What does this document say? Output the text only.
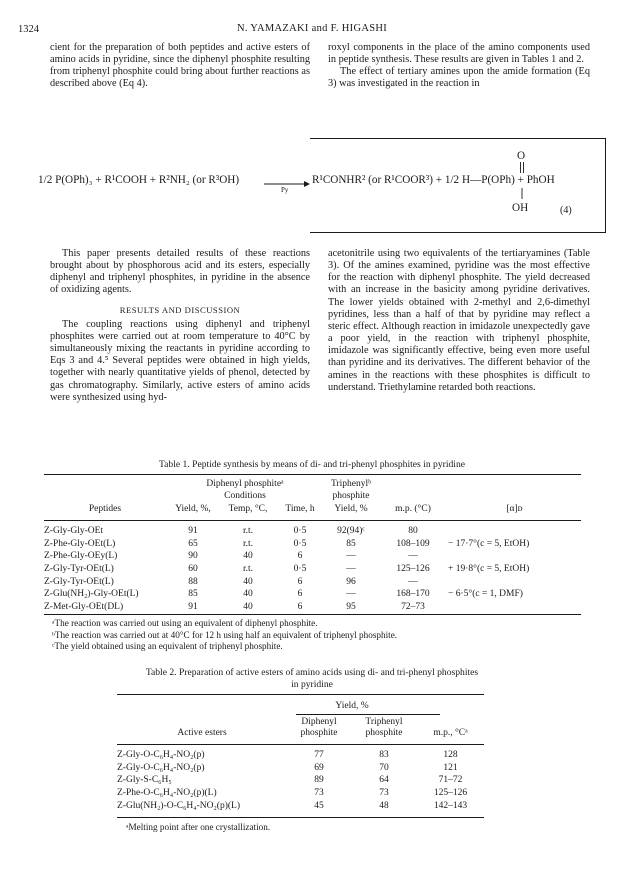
1324	N. YAMAZAKI and F. HIGASHI

cient for the preparation of both peptides and active esters of amino acids in pyridine, since the diphenyl phosphite resulting from triphenyl phosphite could bring about further reactions as described above (Eq 4).

roxyl components in the place of the amino components used in peptide synthesis. These results are given in Tables 1 and 2.

The effect of tertiary amines upon the amide formation (Eq 3) was investigated in the reaction in

1/2 P(OPh)₃ + R¹COOH + R²NH₂ (or R³OH)
Py
R¹CONHR² (or R¹COOR³) + 1/2 H—P(OPh) + PhOH
O
OH	(4)

This paper presents detailed results of these reactions brought about by phosphorous acid and its esters, especially diphenyl and triphenyl phosphites, in pyridine in the absence of oxidizing agents.

RESULTS AND DISCUSSION

The coupling reactions using diphenyl and triphenyl phosphites were carried out at room temperature to 40°C by simultaneously mixing the reactants in pyridine according to Eqs 3 and 4.⁵ Several peptides were obtained in high yields, together with nearly quantitative yields of phenol, detected by gas chromatography. Similarly, active esters of amino acids were synthesized using hyd-

acetonitrile using two equivalents of the tertiaryamines (Table 3). Of the amines examined, pyridine was the most effective for the reaction with diphenyl phosphite. The yield decreased with an increase in the basicity among pyridine derivatives. The lower yields obtained with 2-methyl and 2,6-dimethyl pyridines, less than a half of that by pyridine may reflect a steric effect. Although reaction in imidazole unexpectedly gave a poor yield, in the reaction with triphenyl phosphite, imidazole was significantly effective, being even more useful than pyridine and its derivatives. The different behavior of the amines in the reactions with these phosphites is difficult to understand. Triethylamine retarded both reactions.

Table 1. Peptide synthesis by means of di- and tri-phenyl phosphites in pyridine
	Diphenyl phosphiteᵃ			Triphenylᵇ		
	Conditions			phosphite		
Peptides	Yield, %,	Temp, °C,	Time, h	Yield, %	m.p. (°C)	[α]ᴅ
Z-Gly-Gly-OEt	91	r.t.	0·5	92(94)ᶜ	80	
Z-Phe-Gly-OEt(L)	65	r.t.	0·5	85	108–109	− 17·7°(c = 5, EtOH)
Z-Phe-Gly-OEy(L)	90	40	6	—	—	
Z-Gly-Tyr-OEt(L)	60	r.t.	0·5	—	125–126	+ 19·8°(c = 5, EtOH)
Z-Gly-Tyr-OEt(L)	88	40	6	96	—	
Z-Glu(NH₂)-Gly-OEt(L)	85	40	6	—	168–170	− 6·5°(c = 1, DMF)
Z-Met-Gly-OEt(DL)	91	40	6	95	72–73	
ᵃThe reaction was carried out using an equivalent of diphenyl phosphite.
ᵇThe reaction was carried out at 40°C for 12 h using half an equivalent of triphenyl phosphite.
ᶜThe yield obtained using an equivalent of triphenyl phosphite.
Table 2. Preparation of active esters of amino acids using di- and tri-phenyl phosphites
in pyridine
	Yield, %	
Active esters	Diphenyl phosphite	Triphenyl phosphite	m.p., °Cᵃ
Z-Gly-O-C₆H₄-NO₂(p)	77	83	128
Z-Gly-O-C₆H₄-NO₂(p)	69	70	121
Z-Gly-S-C₆H₅	89	64	71–72
Z-Phe-O-C₆H₄-NO₂(p)(L)	73	73	125–126
Z-Glu(NH₂)-O-C₆H₄-NO₂(p)(L)	45	48	142–143
ᵃMelting point after one crystallization.
